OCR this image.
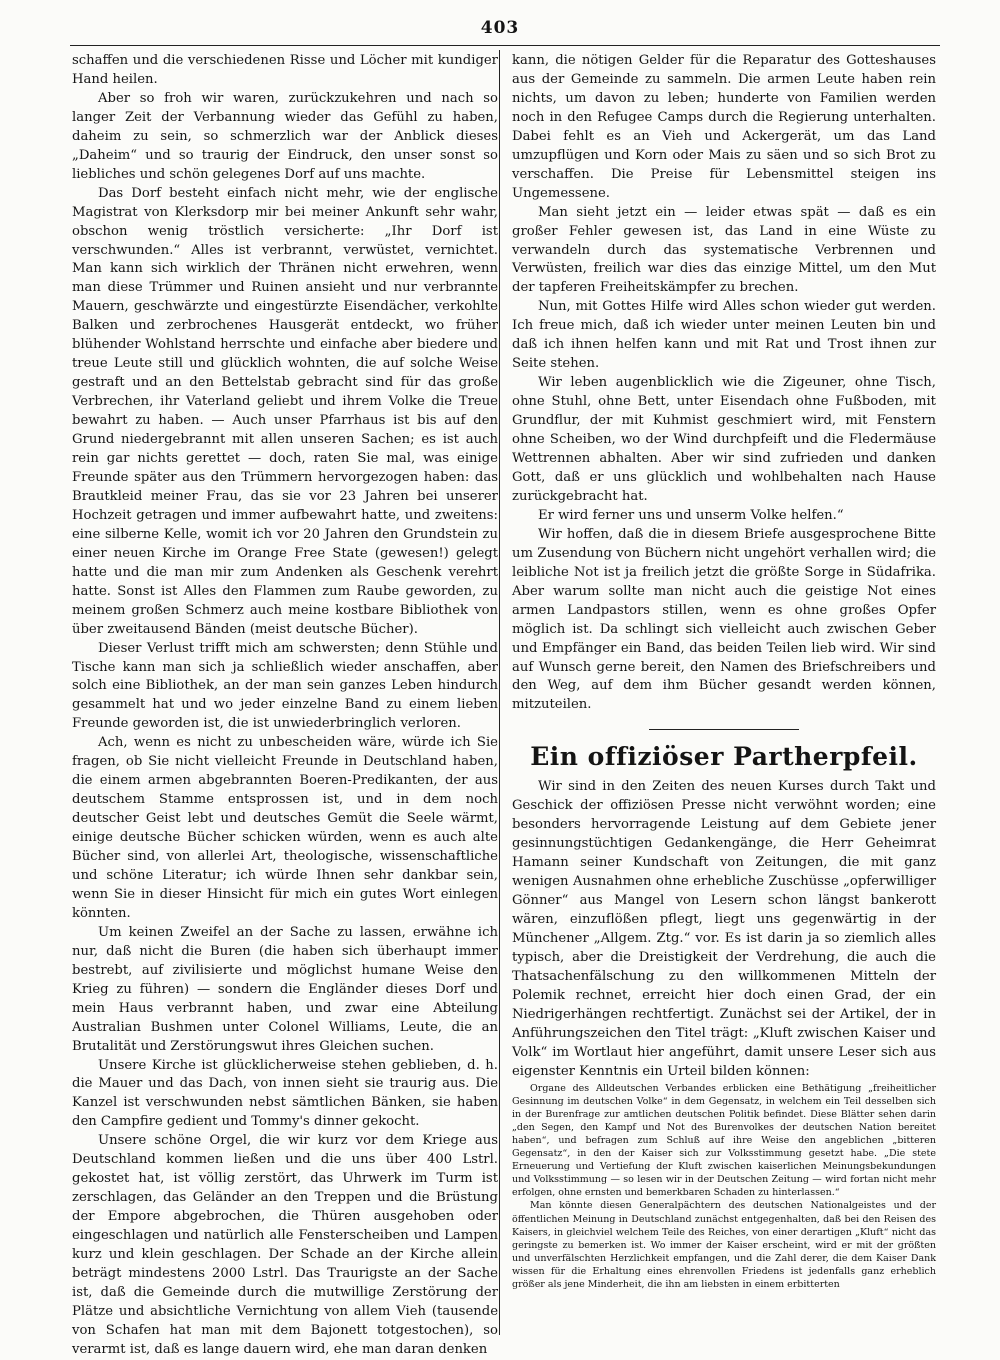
403

schaffen und die verschiedenen Risse und Löcher mit kundiger Hand heilen.

Aber so froh wir waren, zurückzukehren und nach so langer Zeit der Verbannung wieder das Gefühl zu haben, daheim zu sein, so schmerzlich war der Anblick dieses „Daheim“ und so traurig der Eindruck, den unser sonst so liebliches und schön gelegenes Dorf auf uns machte.

Das Dorf besteht einfach nicht mehr, wie der englische Magistrat von Klerksdorp mir bei meiner Ankunft sehr wahr, obschon wenig tröstlich versicherte: „Ihr Dorf ist verschwunden.“ Alles ist verbrannt, verwüstet, vernichtet. Man kann sich wirklich der Thränen nicht erwehren, wenn man diese Trümmer und Ruinen ansieht und nur verbrannte Mauern, geschwärzte und eingestürzte Eisendächer, verkohlte Balken und zerbrochenes Hausgerät entdeckt, wo früher blühender Wohlstand herrschte und einfache aber biedere und treue Leute still und glücklich wohnten, die auf solche Weise gestraft und an den Bettelstab gebracht sind für das große Verbrechen, ihr Vaterland geliebt und ihrem Volke die Treue bewahrt zu haben. — Auch unser Pfarrhaus ist bis auf den Grund niedergebrannt mit allen unseren Sachen; es ist auch rein gar nichts gerettet — doch, raten Sie mal, was einige Freunde später aus den Trümmern hervorgezogen haben: das Brautkleid meiner Frau, das sie vor 23 Jahren bei unserer Hochzeit getragen und immer aufbewahrt hatte, und zweitens: eine silberne Kelle, womit ich vor 20 Jahren den Grundstein zu einer neuen Kirche im Orange Free State (gewesen!) gelegt hatte und die man mir zum Andenken als Geschenk verehrt hatte. Sonst ist Alles den Flammen zum Raube geworden, zu meinem großen Schmerz auch meine kostbare Bibliothek von über zweitausend Bänden (meist deutsche Bücher).

Dieser Verlust trifft mich am schwersten; denn Stühle und Tische kann man sich ja schließlich wieder anschaffen, aber solch eine Bibliothek, an der man sein ganzes Leben hindurch gesammelt hat und wo jeder einzelne Band zu einem lieben Freunde geworden ist, die ist unwiederbringlich verloren.

Ach, wenn es nicht zu unbescheiden wäre, würde ich Sie fragen, ob Sie nicht vielleicht Freunde in Deutschland haben, die einem armen abgebrannten Boeren-Predikanten, der aus deutschem Stamme entsprossen ist, und in dem noch deutscher Geist lebt und deutsches Gemüt die Seele wärmt, einige deutsche Bücher schicken würden, wenn es auch alte Bücher sind, von allerlei Art, theologische, wissenschaftliche und schöne Literatur; ich würde Ihnen sehr dankbar sein, wenn Sie in dieser Hinsicht für mich ein gutes Wort einlegen könnten.

Um keinen Zweifel an der Sache zu lassen, erwähne ich nur, daß nicht die Buren (die haben sich überhaupt immer bestrebt, auf zivilisierte und möglichst humane Weise den Krieg zu führen) — sondern die Engländer dieses Dorf und mein Haus verbrannt haben, und zwar eine Abteilung Australian Bushmen unter Colonel Williams, Leute, die an Brutalität und Zerstörungswut ihres Gleichen suchen.

Unsere Kirche ist glücklicherweise stehen geblieben, d. h. die Mauer und das Dach, von innen sieht sie traurig aus. Die Kanzel ist verschwunden nebst sämtlichen Bänken, sie haben den Campfire gedient und Tommy's dinner gekocht.

Unsere schöne Orgel, die wir kurz vor dem Kriege aus Deutschland kommen ließen und die uns über 400 Lstrl. gekostet hat, ist völlig zerstört, das Uhrwerk im Turm ist zerschlagen, das Geländer an den Treppen und die Brüstung der Empore abgebrochen, die Thüren ausgehoben oder eingeschlagen und natürlich alle Fensterscheiben und Lampen kurz und klein geschlagen. Der Schade an der Kirche allein beträgt mindestens 2000 Lstrl. Das Traurigste an der Sache ist, daß die Gemeinde durch die mutwillige Zerstörung der Plätze und absichtliche Vernichtung von allem Vieh (tausende von Schafen hat man mit dem Bajonett totgestochen), so verarmt ist, daß es lange dauern wird, ehe man daran denken

kann, die nötigen Gelder für die Reparatur des Gotteshauses aus der Gemeinde zu sammeln. Die armen Leute haben rein nichts, um davon zu leben; hunderte von Familien werden noch in den Refugee Camps durch die Regierung unterhalten. Dabei fehlt es an Vieh und Ackergerät, um das Land umzupflügen und Korn oder Mais zu säen und so sich Brot zu verschaffen. Die Preise für Lebensmittel steigen ins Ungemessene.

Man sieht jetzt ein — leider etwas spät — daß es ein großer Fehler gewesen ist, das Land in eine Wüste zu verwandeln durch das systematische Verbrennen und Verwüsten, freilich war dies das einzige Mittel, um den Mut der tapferen Freiheitskämpfer zu brechen.

Nun, mit Gottes Hilfe wird Alles schon wieder gut werden. Ich freue mich, daß ich wieder unter meinen Leuten bin und daß ich ihnen helfen kann und mit Rat und Trost ihnen zur Seite stehen.

Wir leben augenblicklich wie die Zigeuner, ohne Tisch, ohne Stuhl, ohne Bett, unter Eisendach ohne Fußboden, mit Grundflur, der mit Kuhmist geschmiert wird, mit Fenstern ohne Scheiben, wo der Wind durchpfeift und die Fledermäuse Wettrennen abhalten. Aber wir sind zufrieden und danken Gott, daß er uns glücklich und wohlbehalten nach Hause zurückgebracht hat.

Er wird ferner uns und unserm Volke helfen.“

Wir hoffen, daß die in diesem Briefe ausgesprochene Bitte um Zusendung von Büchern nicht ungehört verhallen wird; die leibliche Not ist ja freilich jetzt die größte Sorge in Südafrika. Aber warum sollte man nicht auch die geistige Not eines armen Landpastors stillen, wenn es ohne großes Opfer möglich ist. Da schlingt sich vielleicht auch zwischen Geber und Empfänger ein Band, das beiden Teilen lieb wird. Wir sind auf Wunsch gerne bereit, den Namen des Briefschreibers und den Weg, auf dem ihm Bücher gesandt werden können, mitzuteilen.

Ein offiziöser Partherpfeil.

Wir sind in den Zeiten des neuen Kurses durch Takt und Geschick der offiziösen Presse nicht verwöhnt worden; eine besonders hervorragende Leistung auf dem Gebiete jener gesinnungstüchtigen Gedankengänge, die Herr Geheimrat Hamann seiner Kundschaft von Zeitungen, die mit ganz wenigen Ausnahmen ohne erhebliche Zuschüsse „opferwilliger Gönner“ aus Mangel von Lesern schon längst bankerott wären, einzuflößen pflegt, liegt uns gegenwärtig in der Münchener „Allgem. Ztg.“ vor. Es ist darin ja so ziemlich alles typisch, aber die Dreistigkeit der Verdrehung, die auch die Thatsachenfälschung zu den willkommenen Mitteln der Polemik rechnet, erreicht hier doch einen Grad, der ein Niedrigerhängen rechtfertigt. Zunächst sei der Artikel, der in Anführungszeichen den Titel trägt: „Kluft zwischen Kaiser und Volk“ im Wortlaut hier angeführt, damit unsere Leser sich aus eigenster Kenntnis ein Urteil bilden können:

Organe des Alldeutschen Verbandes erblicken eine Bethätigung „freiheitlicher Gesinnung im deutschen Volke“ in dem Gegensatz, in welchem ein Teil desselben sich in der Burenfrage zur amtlichen deutschen Politik befindet. Diese Blätter sehen darin „den Segen, den Kampf und Not des Burenvolkes der deutschen Nation bereitet haben“, und befragen zum Schluß auf ihre Weise den angeblichen „bitteren Gegensatz“, in den der Kaiser sich zur Volksstimmung gesetzt habe. „Die stete Erneuerung und Vertiefung der Kluft zwischen kaiserlichen Meinungsbekundungen und Volksstimmung — so lesen wir in der Deutschen Zeitung — wird fortan nicht mehr erfolgen, ohne ernsten und bemerkbaren Schaden zu hinterlassen.“

Man könnte diesen Generalpächtern des deutschen Nationalgeistes und der öffentlichen Meinung in Deutschland zunächst entgegenhalten, daß bei den Reisen des Kaisers, in gleichviel welchem Teile des Reiches, von einer derartigen „Kluft“ nicht das geringste zu bemerken ist. Wo immer der Kaiser erscheint, wird er mit der größten und unverfälschten Herzlichkeit empfangen, und die Zahl derer, die dem Kaiser Dank wissen für die Erhaltung eines ehrenvollen Friedens ist jedenfalls ganz erheblich größer als jene Minderheit, die ihn am liebsten in einem erbitterten
